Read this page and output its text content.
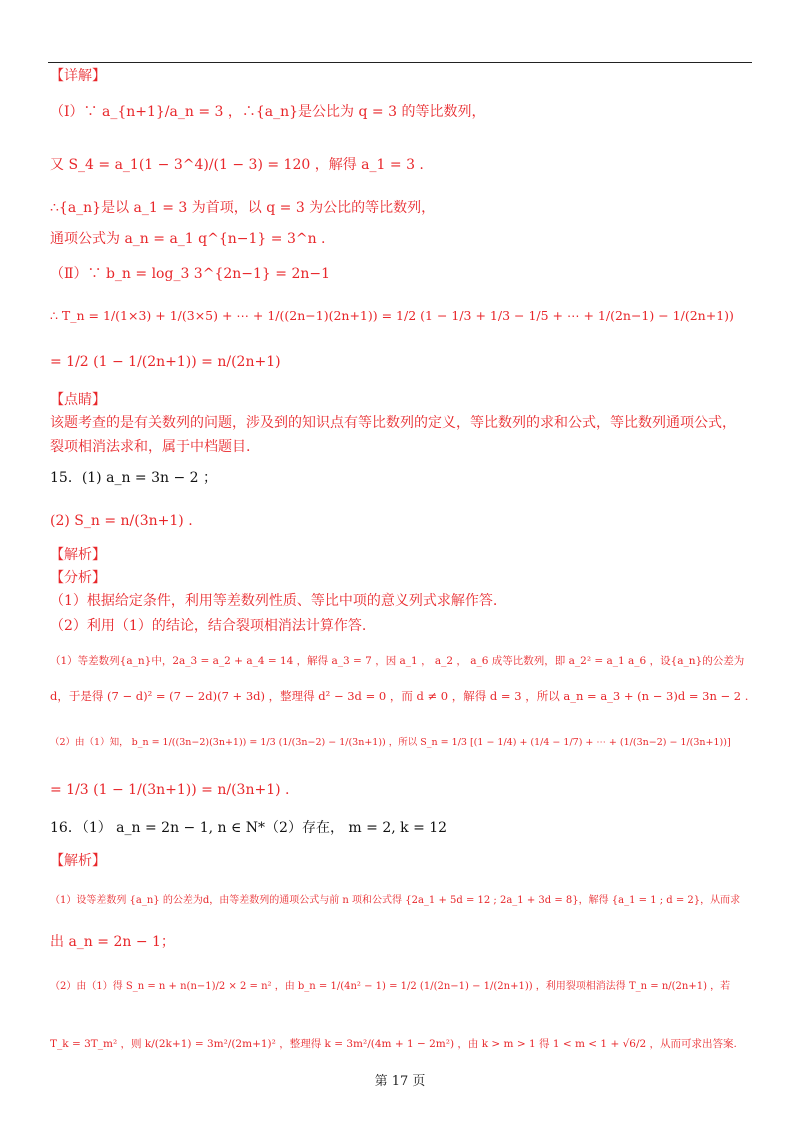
【详解】
（Ⅰ）∵ a_{n+1}/a_n = 3 ，∴{a_n}是公比为 q = 3 的等比数列，
又 S_4 = a_1(1 − 3^4)/(1 − 3) = 120 ，解得 a_1 = 3 .
∴{a_n}是以 a_1 = 3 为首项，以 q = 3 为公比的等比数列，
通项公式为 a_n = a_1 q^{n−1} = 3^n .
（Ⅱ）∵ b_n = log_3 3^{2n−1} = 2n−1
∴ T_n = 1/(1×3) + 1/(3×5) + ⋯ + 1/((2n−1)(2n+1)) = 1/2 (1 − 1/3 + 1/3 − 1/5 + ⋯ + 1/(2n−1) − 1/(2n+1))
= 1/2 (1 − 1/(2n+1)) = n/(2n+1)
【点睛】
该题考查的是有关数列的问题，涉及到的知识点有等比数列的定义，等比数列的求和公式，等比数列通项公式，
裂项相消法求和，属于中档题目.
15．(1) a_n = 3n − 2 ；
(2) S_n = n/(3n+1) .
【解析】
【分析】
（1）根据给定条件，利用等差数列性质、等比中项的意义列式求解作答.
（2）利用（1）的结论，结合裂项相消法计算作答.
（1）等差数列{a_n}中，2a_3 = a_2 + a_4 = 14 ，解得 a_3 = 7 ，因 a_1 ， a_2 ， a_6 成等比数列，即 a_2² = a_1 a_6 ，设{a_n}的公差为
d，于是得 (7 − d)² = (7 − 2d)(7 + 3d) ，整理得 d² − 3d = 0 ，而 d ≠ 0 ，解得 d = 3 ，所以 a_n = a_3 + (n − 3)d = 3n − 2 .
（2）由（1）知， b_n = 1/((3n−2)(3n+1)) = 1/3 (1/(3n−2) − 1/(3n+1)) ，所以 S_n = 1/3 [(1 − 1/4) + (1/4 − 1/7) + ⋯ + (1/(3n−2) − 1/(3n+1))]
= 1/3 (1 − 1/(3n+1)) = n/(3n+1) .
16．（1） a_n = 2n − 1, n ∈ N*（2）存在， m = 2, k = 12
【解析】
（1）设等差数列 {a_n} 的公差为d，由等差数列的通项公式与前 n 项和公式得 {2a_1 + 5d = 12 ; 2a_1 + 3d = 8}，解得 {a_1 = 1 ; d = 2}，从而求
出 a_n = 2n − 1；
（2）由（1）得 S_n = n + n(n−1)/2 × 2 = n² ，由 b_n = 1/(4n² − 1) = 1/2 (1/(2n−1) − 1/(2n+1)) ，利用裂项相消法得 T_n = n/(2n+1) ，若
T_k = 3T_m² ，则 k/(2k+1) = 3m²/(2m+1)² ，整理得 k = 3m²/(4m + 1 − 2m²) ，由 k > m > 1 得 1 < m < 1 + √6/2 ，从而可求出答案.
第 17 页
